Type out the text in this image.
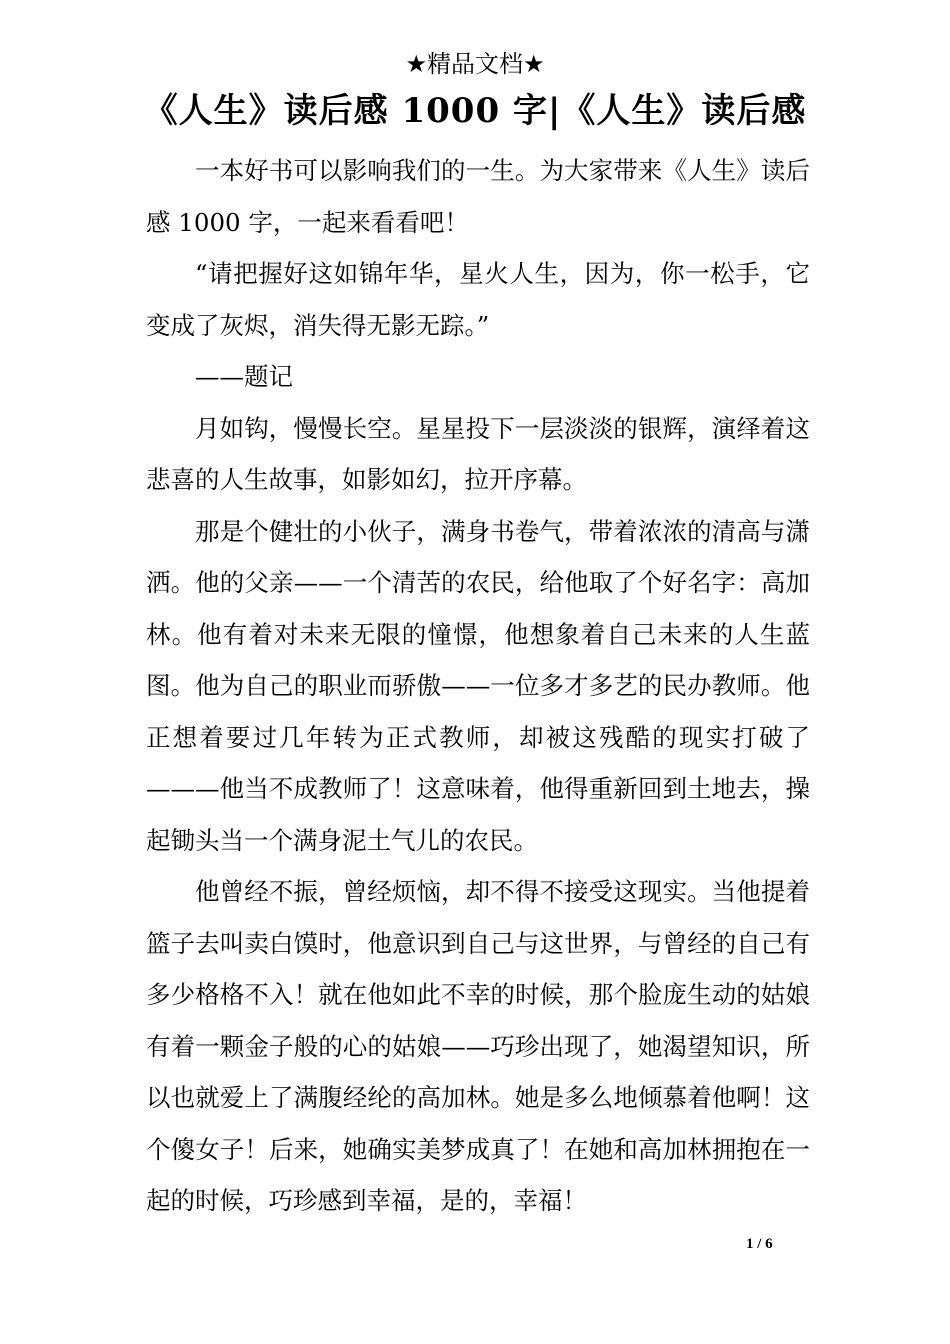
★精品文档★
《人生》读后感 1000 字|《人生》读后感

一本好书可以影响我们的一生。为大家带来《人生》读后感 1000 字，一起来看看吧！

“请把握好这如锦年华，星火人生，因为，你一松手，它变成了灰烬，消失得无影无踪。”

——题记

月如钩，慢慢长空。星星投下一层淡淡的银辉，演绎着这悲喜的人生故事，如影如幻，拉开序幕。

那是个健壮的小伙子，满身书卷气，带着浓浓的清高与潇洒。他的父亲——一个清苦的农民，给他取了个好名字：高加林。他有着对未来无限的憧憬，他想象着自己未来的人生蓝图。他为自己的职业而骄傲——一位多才多艺的民办教师。他正想着要过几年转为正式教师，却被这残酷的现实打破了———他当不成教师了！这意味着，他得重新回到土地去，操起锄头当一个满身泥土气儿的农民。

他曾经不振，曾经烦恼，却不得不接受这现实。当他提着篮子去叫卖白馍时，他意识到自己与这世界，与曾经的自己有多少格格不入！就在他如此不幸的时候，那个脸庞生动的姑娘有着一颗金子般的心的姑娘——巧珍出现了，她渴望知识，所以也就爱上了满腹经纶的高加林。她是多么地倾慕着他啊！这个傻女子！后来，她确实美梦成真了！在她和高加林拥抱在一起的时候，巧珍感到幸福，是的，幸福！

1 / 6
